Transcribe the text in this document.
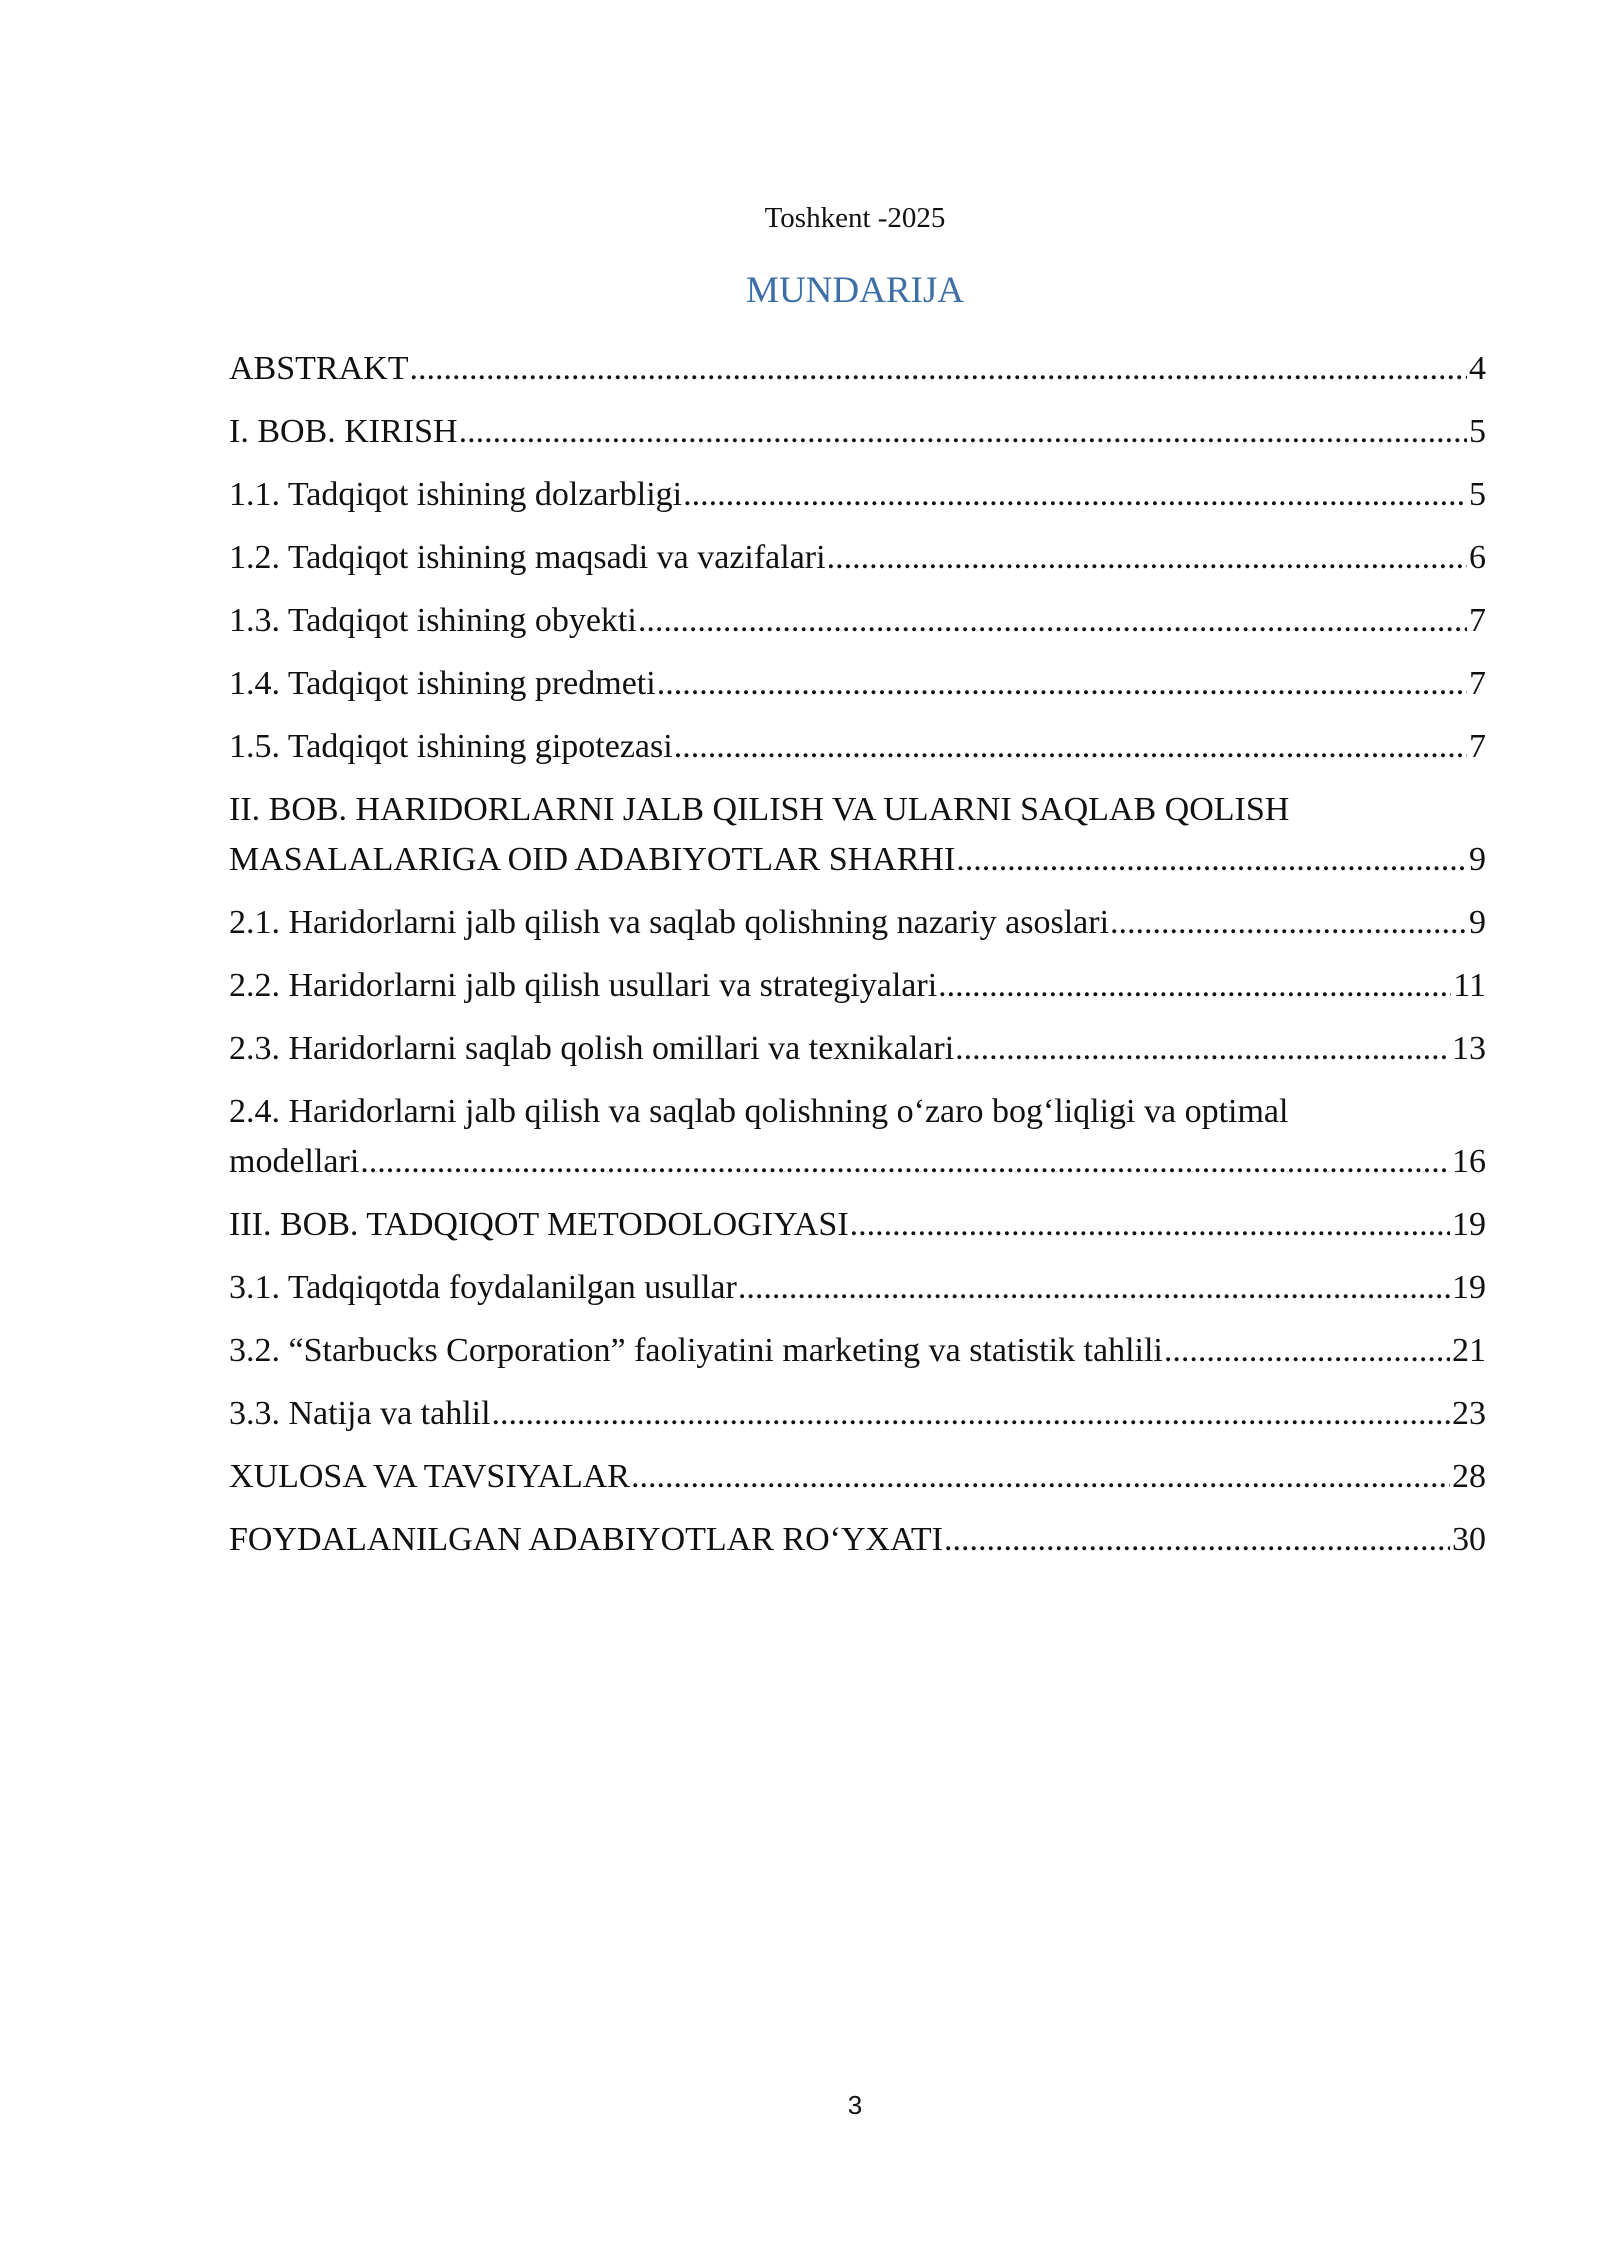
Toshkent -2025
MUNDARIJA
ABSTRAKT .....	4
I. BOB. KIRISH .....	5
1.1. Tadqiqot ishining dolzarbligi .....	5
1.2. Tadqiqot ishining maqsadi va vazifalari .....	6
1.3. Tadqiqot ishining obyekti .....	7
1.4. Tadqiqot ishining predmeti .....	7
1.5. Tadqiqot ishining gipotezasi .....	7
II. BOB. HARIDORLARNI JALB QILISH VA ULARNI SAQLAB QOLISH
MASALALARIGA OID ADABIYOTLAR SHARHI .....	9
2.1. Haridorlarni jalb qilish va saqlab qolishning nazariy asoslari .....	9
2.2. Haridorlarni jalb qilish usullari va strategiyalari .....	11
2.3. Haridorlarni saqlab qolish omillari va texnikalari .....	13
2.4. Haridorlarni jalb qilish va saqlab qolishning o‘zaro bog‘liqligi va optimal
modellari .....	16
III. BOB. TADQIQOT METODOLOGIYASI .....	19
3.1. Tadqiqotda foydalanilgan usullar .....	19
3.2. “Starbucks Corporation” faoliyatini marketing va statistik tahlili .....	21
3.3. Natija va tahlil .....	23
XULOSA VA TAVSIYALAR .....	28
FOYDALANILGAN ADABIYOTLAR RO‘YXATI .....	30
3
